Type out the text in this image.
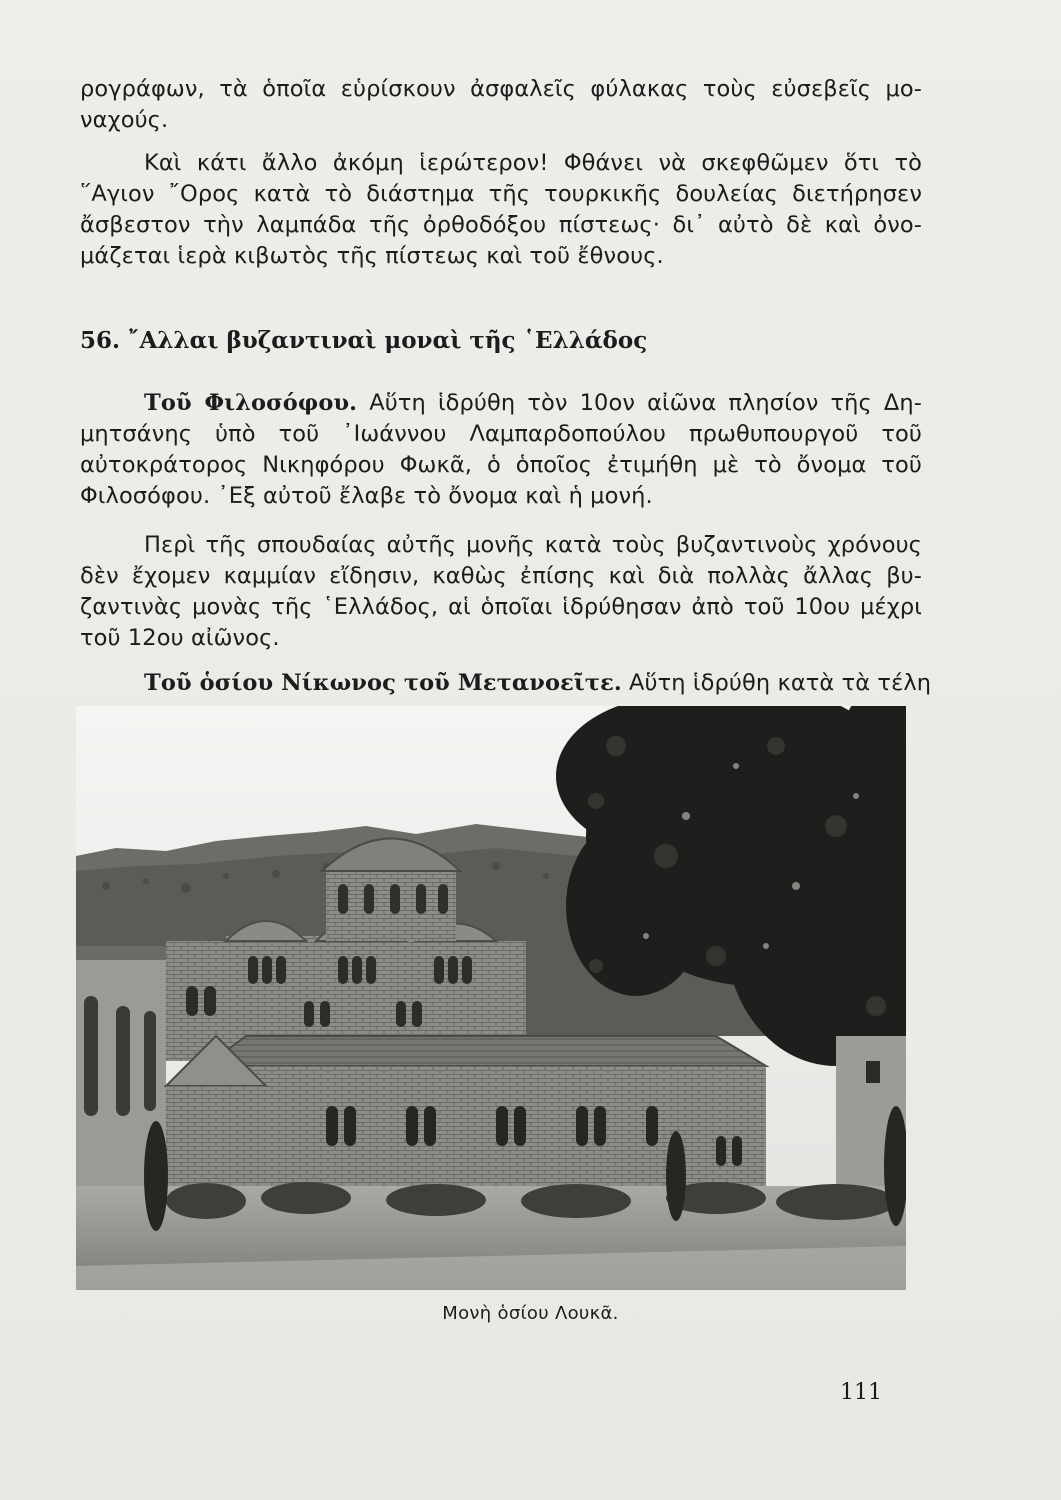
ρογράφων, τὰ ὁποῖα εὑρίσκουν ἀσφαλεῖς φύλακας τοὺς εὐσεβεῖς μο-
ναχούς.
Καὶ κάτι ἄλλο ἀκόμη ἱερώτερον! Φθάνει νὰ σκεφθῶμεν ὅτι τὸ
῞Αγιον ῎Ορος κατὰ τὸ διάστημα τῆς τουρκικῆς δουλείας διετήρησεν
ἄσβεστον τὴν λαμπάδα τῆς ὀρθοδόξου πίστεως· δι᾿ αὐτὸ δὲ καὶ ὀνο-
μάζεται ἱερὰ κιβωτὸς τῆς πίστεως καὶ τοῦ ἔθνους.
56. ῎Αλλαι βυζαντιναὶ μοναὶ τῆς ῾Ελλάδος
Τοῦ Φιλοσόφου. Αὕτη ἱδρύθη τὸν 10ον αἰῶνα πλησίον τῆς Δη-
μητσάνης ὑπὸ τοῦ ᾿Ιωάννου Λαμπαρδοπούλου πρωθυπουργοῦ τοῦ
αὐτοκράτορος Νικηφόρου Φωκᾶ, ὁ ὁποῖος ἐτιμήθη μὲ τὸ ὄνομα τοῦ
Φιλοσόφου. ᾿Εξ αὐτοῦ ἔλαβε τὸ ὄνομα καὶ ἡ μονή.
Περὶ τῆς σπουδαίας αὐτῆς μονῆς κατὰ τοὺς βυζαντινοὺς χρόνους
δὲν ἔχομεν καμμίαν εἴδησιν, καθὼς ἐπίσης καὶ διὰ πολλὰς ἄλλας βυ-
ζαντινὰς μονὰς τῆς ῾Ελλάδος, αἱ ὁποῖαι ἱδρύθησαν ἀπὸ τοῦ 10ου μέχρι
τοῦ 12ου αἰῶνος.
Τοῦ ὁσίου Νίκωνος τοῦ Μετανοεῖτε. Αὕτη ἱδρύθη κατὰ τὰ τέλη
Μονὴ ὁσίου Λουκᾶ.
111
